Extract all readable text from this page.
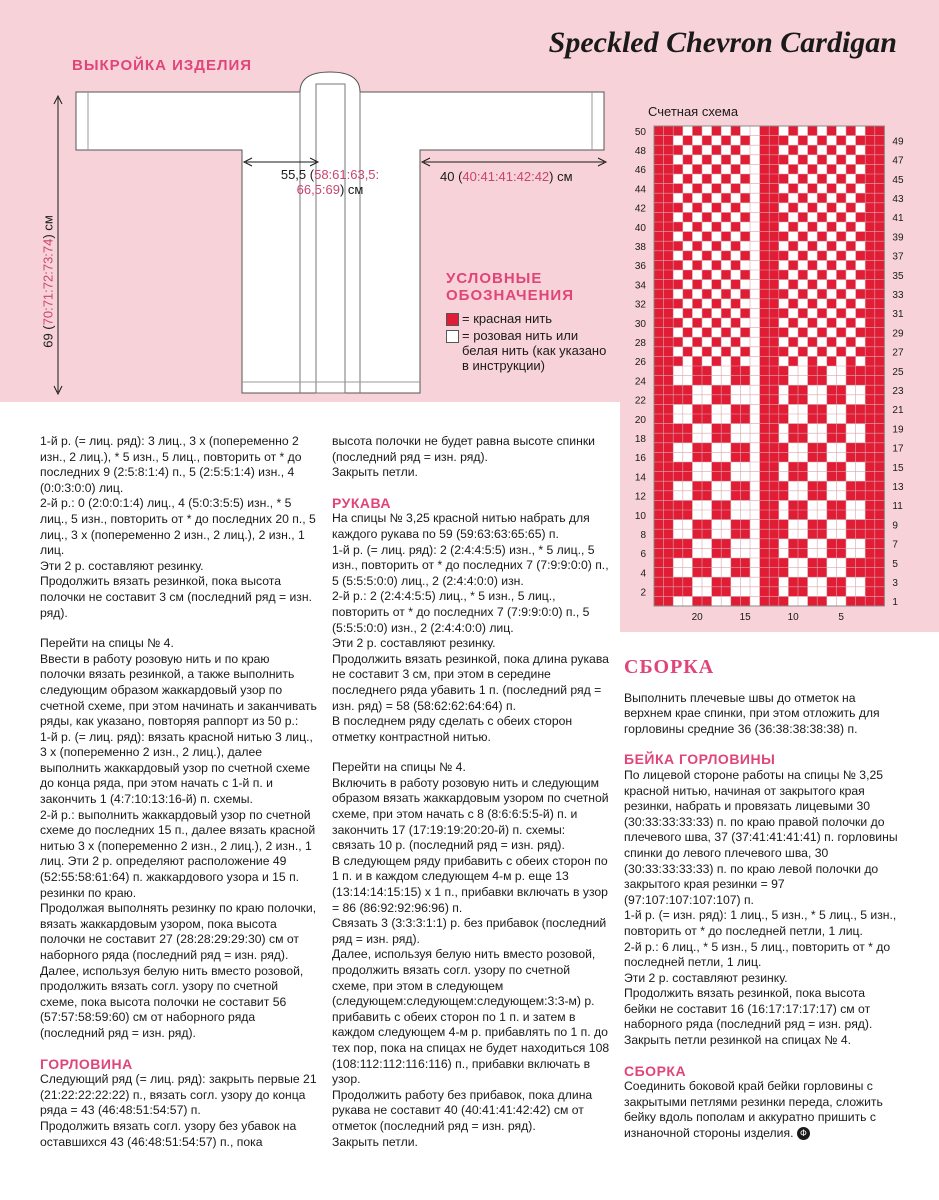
Speckled Chevron Cardigan
ВЫКРОЙКА ИЗДЕЛИЯ
69 (70:71:72:73:74) см
55,5 (58:61:63,5:
66,5:69) см
40 (40:41:41:42:42) см
УСЛОВНЫЕ
ОБОЗНАЧЕНИЯ
= красная нить
= розовая нить или белая нить (как указано в инструкции)
Счетная схема
50
48
46
44
42
40
38
36
34
32
30
28
26
24
22
20
18
16
14
12
10
8
6
4
2
49
47
45
43
41
39
37
35
33
31
29
27
25
23
21
19
17
15
13
11
9
7
5
3
1
20	15	10	5

1-й р. (= лиц. ряд): 3 лиц., 3 х (попеременно 2 изн., 2 лиц.), * 5 изн., 5 лиц., повторить от * до последних 9 (2:5:8:1:4) п., 5 (2:5:5:1:4) изн., 4 (0:0:3:0:0) лиц.

2-й р.: 0 (2:0:0:1:4) лиц., 4 (5:0:3:5:5) изн., * 5 лиц., 5 изн., повторить от * до последних 20 п., 5 лиц., 3 х (попеременно 2 изн., 2 лиц.), 2 изн., 1 лиц.

Эти 2 р. составляют резинку.

Продолжить вязать резинкой, пока высота полочки не составит 3 см (последний ряд = изн. ряд).

Перейти на спицы № 4.

Ввести в работу розовую нить и по краю полочки вязать резинкой, а также выполнить следующим образом жаккардовый узор по счетной схеме, при этом начинать и заканчивать ряды, как указано, повторяя раппорт из 50 р.:

1-й р. (= лиц. ряд): вязать красной нитью 3 лиц., 3 х (попеременно 2 изн., 2 лиц.), далее выполнить жаккардовый узор по счетной схеме до конца ряда, при этом начать с 1-й п. и закончить 1 (4:7:10:13:16-й) п. схемы.

2-й р.: выполнить жаккардовый узор по счетной схеме до последних 15 п., далее вязать красной нитью 3 х (попеременно 2 изн., 2 лиц.), 2 изн., 1 лиц. Эти 2 р. определяют расположение 49 (52:55:58:61:64) п. жаккардового узора и 15 п. резинки по краю.

Продолжая выполнять резинку по краю полочки, вязать жаккардовым узором, пока высота полочки не составит 27 (28:28:29:29:30) см от наборного ряда (последний ряд = изн. ряд).

Далее, используя белую нить вместо розовой, продолжить вязать согл. узору по счетной схеме, пока высота полочки не составит 56 (57:57:58:59:60) см от наборного ряда (последний ряд = изн. ряд).

ГОРЛОВИНА

Следующий ряд (= лиц. ряд): закрыть первые 21 (21:22:22:22:22) п., вязать согл. узору до конца ряда = 43 (46:48:51:54:57) п.

Продолжить вязать согл. узору без убавок на оставшихся 43 (46:48:51:54:57) п., пока

высота полочки не будет равна высоте спинки (последний ряд = изн. ряд).

Закрыть петли.

РУКАВА

На спицы № 3,25 красной нитью набрать для каждого рукава по 59 (59:63:63:65:65) п.

1-й р. (= лиц. ряд): 2 (2:4:4:5:5) изн., * 5 лиц., 5 изн., повторить от * до последних 7 (7:9:9:0:0) п., 5 (5:5:5:0:0) лиц., 2 (2:4:4:0:0) изн.

2-й р.: 2 (2:4:4:5:5) лиц., * 5 изн., 5 лиц., повторить от * до последних 7 (7:9:9:0:0) п., 5 (5:5:5:0:0) изн., 2 (2:4:4:0:0) лиц.

Эти 2 р. составляют резинку.

Продолжить вязать резинкой, пока длина рукава не составит 3 см, при этом в середине последнего ряда убавить 1 п. (последний ряд = изн. ряд) = 58 (58:62:62:64:64) п.

В последнем ряду сделать с обеих сторон отметку контрастной нитью.

Перейти на спицы № 4.

Включить в работу розовую нить и следующим образом вязать жаккардовым узором по счетной схеме, при этом начать с 8 (8:6:6:5:5-й) п. и закончить 17 (17:19:19:20:20-й) п. схемы: связать 10 р. (последний ряд = изн. ряд).

В следующем ряду прибавить с обеих сторон по 1 п. и в каждом следующем 4-м р. еще 13 (13:14:14:15:15) х 1 п., прибавки включать в узор = 86 (86:92:92:96:96) п.

Связать 3 (3:3:3:1:1) р. без прибавок (последний ряд = изн. ряд).

Далее, используя белую нить вместо розовой, продолжить вязать согл. узору по счетной схеме, при этом в следующем (следующем:следующем:следующем:3:3-м) р. прибавить с обеих сторон по 1 п. и затем в каждом следующем 4-м р. прибавлять по 1 п. до тех пор, пока на спицах не будет находиться 108 (108:112:112:116:116) п., прибавки включать в узор.

Продолжить работу без прибавок, пока длина рукава не составит 40 (40:41:41:42:42) см от отметок (последний ряд = изн. ряд).

Закрыть петли.

СБОРКА

Выполнить плечевые швы до отметок на верхнем крае спинки, при этом отложить для горловины средние 36 (36:38:38:38:38) п.

БЕЙКА ГОРЛОВИНЫ

По лицевой стороне работы на спицы № 3,25 красной нитью, начиная от закрытого края резинки, набрать и провязать лицевыми 30 (30:33:33:33:33) п. по краю правой полочки до плечевого шва, 37 (37:41:41:41:41) п. горловины спинки до левого плечевого шва, 30 (30:33:33:33:33) п. по краю левой полочки до закрытого края резинки = 97 (97:107:107:107:107) п.

1-й р. (= изн. ряд): 1 лиц., 5 изн., * 5 лиц., 5 изн., повторить от * до последней петли, 1 лиц.

2-й р.: 6 лиц., * 5 изн., 5 лиц., повторить от * до последней петли, 1 лиц.

Эти 2 р. составляют резинку.

Продолжить вязать резинкой, пока высота бейки не составит 16 (16:17:17:17:17) см от наборного ряда (последний ряд = изн. ряд).

Закрыть петли резинкой на спицах № 4.

СБОРКА

Соединить боковой край бейки горловины с закрытыми петлями резинки переда, сложить бейку вдоль пополам и аккуратно пришить с изнаночной стороны изделия. Ф
